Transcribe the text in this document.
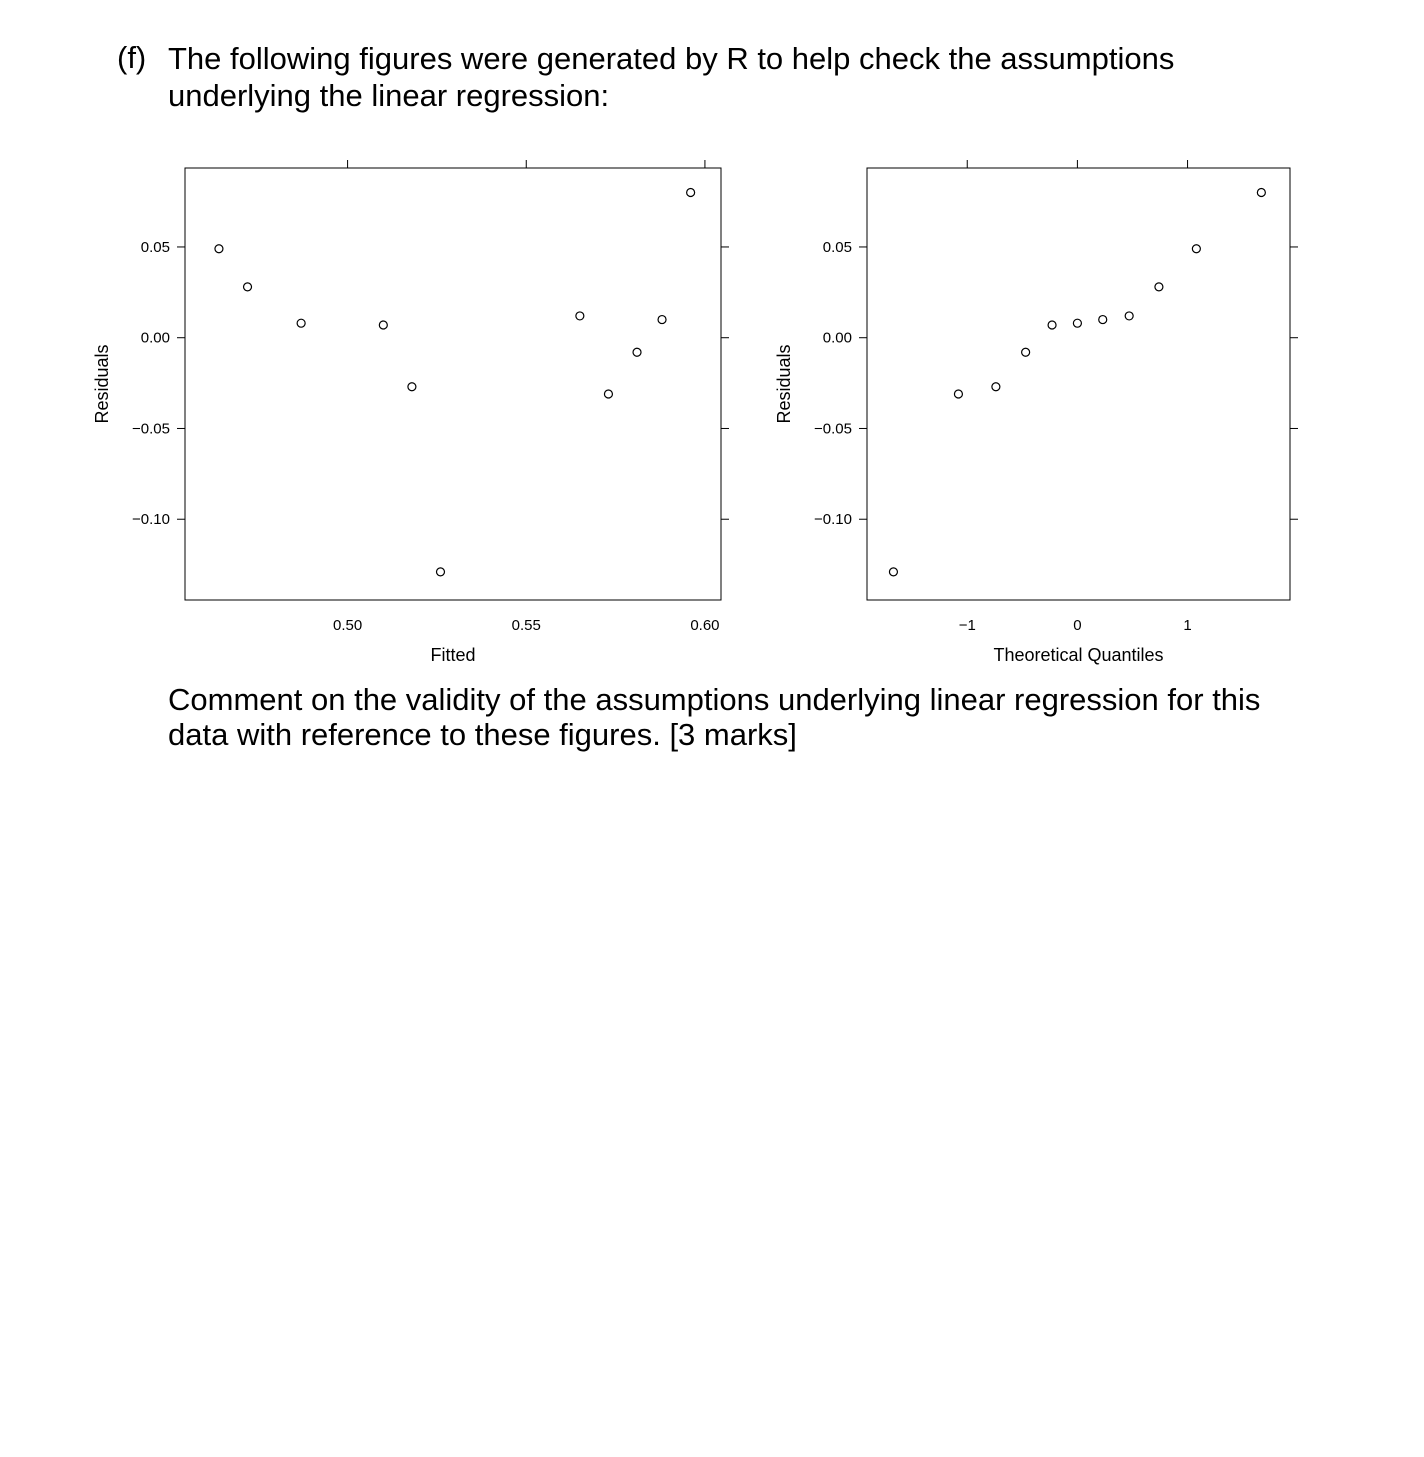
(f) The following figures were generated by R to help check the assumptions
underlying the linear regression:
0.50	0.55	0.60
0.05
0.00
−0.05
−0.10
Fitted
Residuals
−1	0	1
0.05
0.00
−0.05
−0.10
Theoretical Quantiles
Residuals
Comment on the validity of the assumptions underlying linear regression for this
data with reference to these figures. [3 marks]
